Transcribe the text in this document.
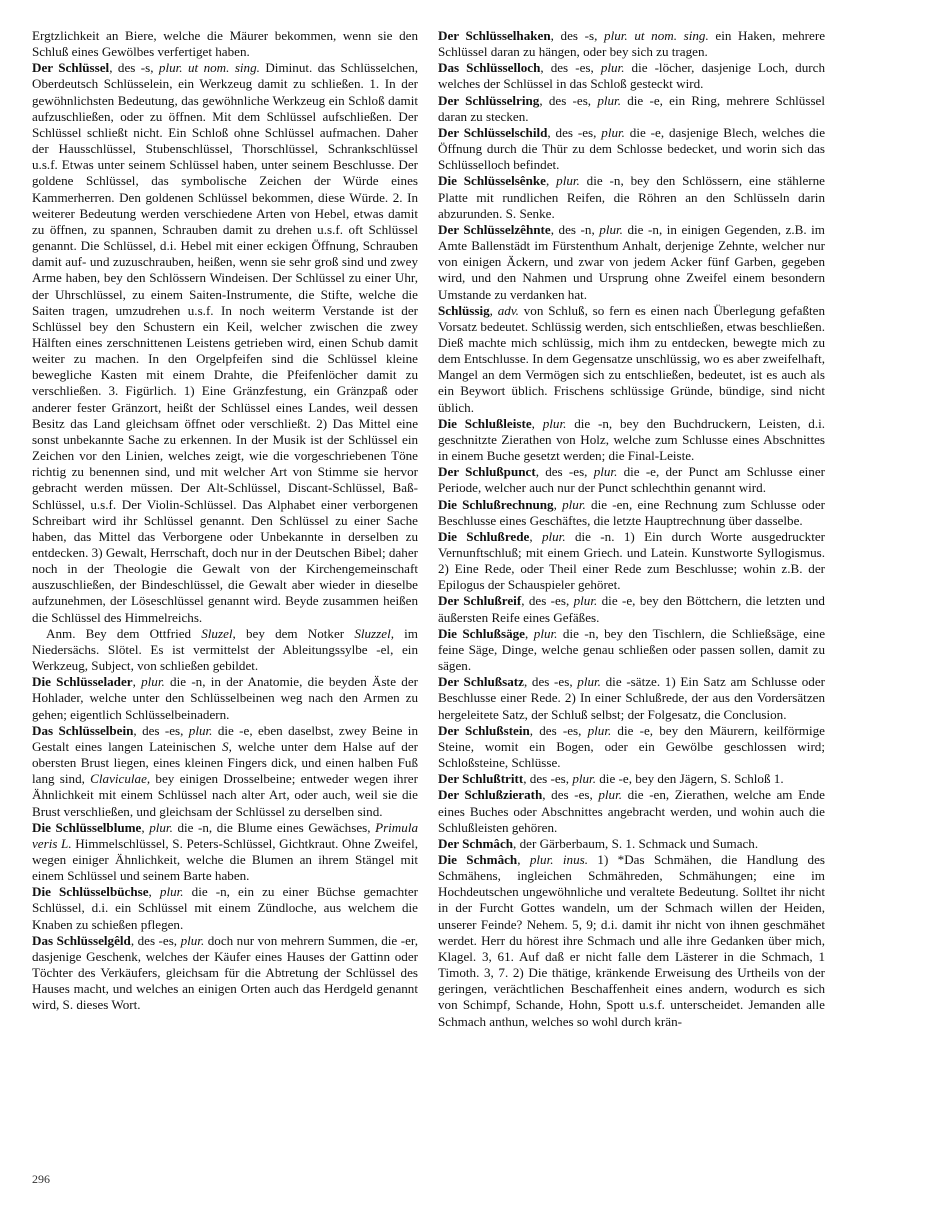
Ergtzlichkeit an Biere, welche die Mäurer bekommen, wenn sie den Schluß eines Gewölbes verfertiget haben.

Der Schlüssel, des -s, plur. ut nom. sing. Diminut. das Schlüsselchen, Oberdeutsch Schlüsselein, ein Werkzeug damit zu schließen. 1. In der gewöhnlichsten Bedeutung, das gewöhnliche Werkzeug ein Schloß damit aufzuschließen, oder zu öffnen. Mit dem Schlüssel aufschließen. Der Schlüssel schließt nicht. Ein Schloß ohne Schlüssel aufmachen. Daher der Hausschlüssel, Stubenschlüssel, Thorschlüssel, Schrankschlüssel u.s.f. Etwas unter seinem Schlüssel haben, unter seinem Beschlusse. Der goldene Schlüssel, das symbolische Zeichen der Würde eines Kammerherren. Den goldenen Schlüssel bekommen, diese Würde. 2. In weiterer Bedeutung werden verschiedene Arten von Hebel, etwas damit zu öffnen, zu spannen, Schrauben damit zu drehen u.s.f. oft Schlüssel genannt. Die Schlüssel, d.i. Hebel mit einer eckigen Öffnung, Schrauben damit auf- und zuzuschrauben, heißen, wenn sie sehr groß sind und zwey Arme haben, bey den Schlössern Windeisen. Der Schlüssel zu einer Uhr, der Uhrschlüssel, zu einem Saiten-Instrumente, die Stifte, welche die Saiten tragen, umzudrehen u.s.f. In noch weiterm Verstande ist der Schlüssel bey den Schustern ein Keil, welcher zwischen die zwey Hälften eines zerschnittenen Leistens getrieben wird, einen Schub damit weiter zu machen. In den Orgelpfeifen sind die Schlüssel kleine bewegliche Kasten mit einem Drahte, die Pfeifenlöcher damit zu verschließen. 3. Figürlich. 1) Eine Gränzfestung, ein Gränzpaß oder anderer fester Gränzort, heißt der Schlüssel eines Landes, weil dessen Besitz das Land gleichsam öffnet oder verschließt. 2) Das Mittel eine sonst unbekannte Sache zu erkennen. In der Musik ist der Schlüssel ein Zeichen vor den Linien, welches zeigt, wie die vorgeschriebenen Töne richtig zu benennen sind, und mit welcher Art von Stimme sie hervor gebracht werden müssen. Der Alt-Schlüssel, Discant-Schlüssel, Baß-Schlüssel, u.s.f. Der Violin-Schlüssel. Das Alphabet einer verborgenen Schreibart wird ihr Schlüssel genannt. Den Schlüssel zu einer Sache haben, das Mittel das Verborgene oder Unbekannte in derselben zu entdecken. 3) Gewalt, Herrschaft, doch nur in der Deutschen Bibel; daher noch in der Theologie die Gewalt von der Kirchengemeinschaft auszuschließen, der Bindeschlüssel, die Gewalt aber wieder in dieselbe aufzunehmen, der Löseschlüssel genannt wird. Beyde zusammen heißen die Schlüssel des Himmelreichs.

Anm. Bey dem Ottfried Sluzel, bey dem Notker Sluzzel, im Niedersächs. Slötel. Es ist vermittelst der Ableitungssylbe -el, ein Werkzeug, Subject, von schließen gebildet.

Die Schlüsselader, plur. die -n, in der Anatomie, die beyden Äste der Hohlader, welche unter den Schlüsselbeinen weg nach den Armen zu gehen; eigentlich Schlüsselbeinadern.

Das Schlüsselbein, des -es, plur. die -e, eben daselbst, zwey Beine in Gestalt eines langen Lateinischen S, welche unter dem Halse auf der obersten Brust liegen, eines kleinen Fingers dick, und einen halben Fuß lang sind, Claviculae, bey einigen Drosselbeine; entweder wegen ihrer Ähnlichkeit mit einem Schlüssel nach alter Art, oder auch, weil sie die Brust verschließen, und gleichsam der Schlüssel zu derselben sind.

Die Schlüsselblume, plur. die -n, die Blume eines Gewächses, Primula veris L. Himmelschlüssel, S. Peters-Schlüssel, Gichtkraut. Ohne Zweifel, wegen einiger Ähnlichkeit, welche die Blumen an ihrem Stängel mit einem Schlüssel und seinem Barte haben.

Die Schlüsselbüchse, plur. die -n, ein zu einer Büchse gemachter Schlüssel, d.i. ein Schlüssel mit einem Zündloche, aus welchem die Knaben zu schießen pflegen.

Das Schlüsselgêld, des -es, plur. doch nur von mehrern Summen, die -er, dasjenige Geschenk, welches der Käufer eines Hauses der Gattinn oder Töchter des Verkäufers, gleichsam für die Abtretung der Schlüssel des Hauses macht, und welches an einigen Orten auch das Herdgeld genannt wird, S. dieses Wort.

Der Schlüsselhaken, des -s, plur. ut nom. sing. ein Haken, mehrere Schlüssel daran zu hängen, oder bey sich zu tragen.

Das Schlüsselloch, des -es, plur. die -löcher, dasjenige Loch, durch welches der Schlüssel in das Schloß gesteckt wird.

Der Schlüsselring, des -es, plur. die -e, ein Ring, mehrere Schlüssel daran zu stecken.

Der Schlüsselschild, des -es, plur. die -e, dasjenige Blech, welches die Öffnung durch die Thür zu dem Schlosse bedecket, und worin sich das Schlüsselloch befindet.

Die Schlüsselsênke, plur. die -n, bey den Schlössern, eine stählerne Platte mit rundlichen Reifen, die Röhren an den Schlüsseln darin abzurunden. S. Senke.

Der Schlüsselzêhnte, des -n, plur. die -n, in einigen Gegenden, z.B. im Amte Ballenstädt im Fürstenthum Anhalt, derjenige Zehnte, welcher nur von einigen Äckern, und zwar von jedem Acker fünf Garben, gegeben wird, und den Nahmen und Ursprung ohne Zweifel einem besondern Umstande zu verdanken hat.

Schlüssig, adv. von Schluß, so fern es einen nach Überlegung gefaßten Vorsatz bedeutet. Schlüssig werden, sich entschließen, etwas beschließen. Dieß machte mich schlüssig, mich ihm zu entdecken, bewegte mich zu dem Entschlusse. In dem Gegensatze unschlüssig, wo es aber zweifelhaft, Mangel an dem Vermögen sich zu entschließen, bedeutet, ist es auch als ein Beywort üblich. Frischens schlüssige Gründe, bündige, sind nicht üblich.

Die Schlußleiste, plur. die -n, bey den Buchdruckern, Leisten, d.i. geschnitzte Zierathen von Holz, welche zum Schlusse eines Abschnittes in einem Buche gesetzt werden; die Final-Leiste.

Der Schlußpunct, des -es, plur. die -e, der Punct am Schlusse einer Periode, welcher auch nur der Punct schlechthin genannt wird.

Die Schlußrechnung, plur. die -en, eine Rechnung zum Schlusse oder Beschlusse eines Geschäftes, die letzte Hauptrechnung über dasselbe.

Die Schlußrede, plur. die -n. 1) Ein durch Worte ausgedruckter Vernunftschluß; mit einem Griech. und Latein. Kunstworte Syllogismus. 2) Eine Rede, oder Theil einer Rede zum Beschlusse; wohin z.B. der Epilogus der Schauspieler gehöret.

Der Schlußreif, des -es, plur. die -e, bey den Böttchern, die letzten und äußersten Reife eines Gefäßes.

Die Schlußsäge, plur. die -n, bey den Tischlern, die Schließsäge, eine feine Säge, Dinge, welche genau schließen oder passen sollen, damit zu sägen.

Der Schlußsatz, des -es, plur. die -sätze. 1) Ein Satz am Schlusse oder Beschlusse einer Rede. 2) In einer Schlußrede, der aus den Vordersätzen hergeleitete Satz, der Schluß selbst; der Folgesatz, die Conclusion.

Der Schlußstein, des -es, plur. die -e, bey den Mäurern, keilförmige Steine, womit ein Bogen, oder ein Gewölbe geschlossen wird; Schloßsteine, Schlüsse.

Der Schlußtritt, des -es, plur. die -e, bey den Jägern, S. Schloß 1.

Der Schlußzierath, des -es, plur. die -en, Zierathen, welche am Ende eines Buches oder Abschnittes angebracht werden, und wohin auch die Schlußleisten gehören.

Der Schmâch, der Gärberbaum, S. 1. Schmack und Sumach.

Die Schmâch, plur. inus. 1) *Das Schmähen, die Handlung des Schmähens, ingleichen Schmähreden, Schmähungen; eine im Hochdeutschen ungewöhnliche und veraltete Bedeutung. Solltet ihr nicht in der Furcht Gottes wandeln, um der Schmach willen der Heiden, unserer Feinde? Nehem. 5, 9; d.i. damit ihr nicht von ihnen geschmähet werdet. Herr du hörest ihre Schmach und alle ihre Gedanken über mich, Klagel. 3, 61. Auf daß er nicht falle dem Lästerer in die Schmach, 1 Timoth. 3, 7. 2) Die thätige, kränkende Erweisung des Urtheils von der geringen, verächtlichen Beschaffenheit eines andern, wodurch es sich von Schimpf, Schande, Hohn, Spott u.s.f. unterscheidet. Jemanden alle Schmach anthun, welches so wohl durch krän-

296
